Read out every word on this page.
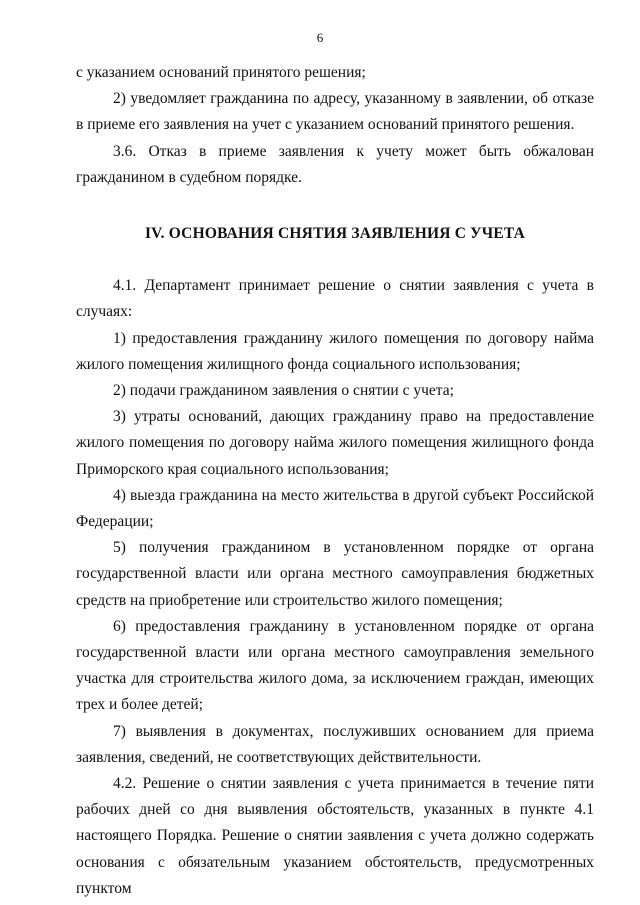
6

с указанием оснований принятого решения;

2) уведомляет гражданина по адресу, указанному в заявлении, об отказе в приеме его заявления на учет с указанием оснований принятого решения.

3.6. Отказ в приеме заявления к учету может быть обжалован гражданином в судебном порядке.

IV. ОСНОВАНИЯ СНЯТИЯ ЗАЯВЛЕНИЯ С УЧЕТА

4.1. Департамент принимает решение о снятии заявления с учета в случаях:

1) предоставления гражданину жилого помещения по договору найма жилого помещения жилищного фонда социального использования;

2) подачи гражданином заявления о снятии с учета;

3) утраты оснований, дающих гражданину право на предоставление жилого помещения по договору найма жилого помещения жилищного фонда Приморского края социального использования;

4) выезда гражданина на место жительства в другой субъект Российской Федерации;

5) получения гражданином в установленном порядке от органа государственной власти или органа местного самоуправления бюджетных средств на приобретение или строительство жилого помещения;

6) предоставления гражданину в установленном порядке от органа государственной власти или органа местного самоуправления земельного участка для строительства жилого дома, за исключением граждан, имеющих трех и более детей;

7) выявления в документах, послуживших основанием для приема заявления, сведений, не соответствующих действительности.

4.2. Решение о снятии заявления с учета принимается в течение пяти рабочих дней со дня выявления обстоятельств, указанных в пункте 4.1 настоящего Порядка. Решение о снятии заявления с учета должно содержать основания с обязательным указанием обстоятельств, предусмотренных пунктом
